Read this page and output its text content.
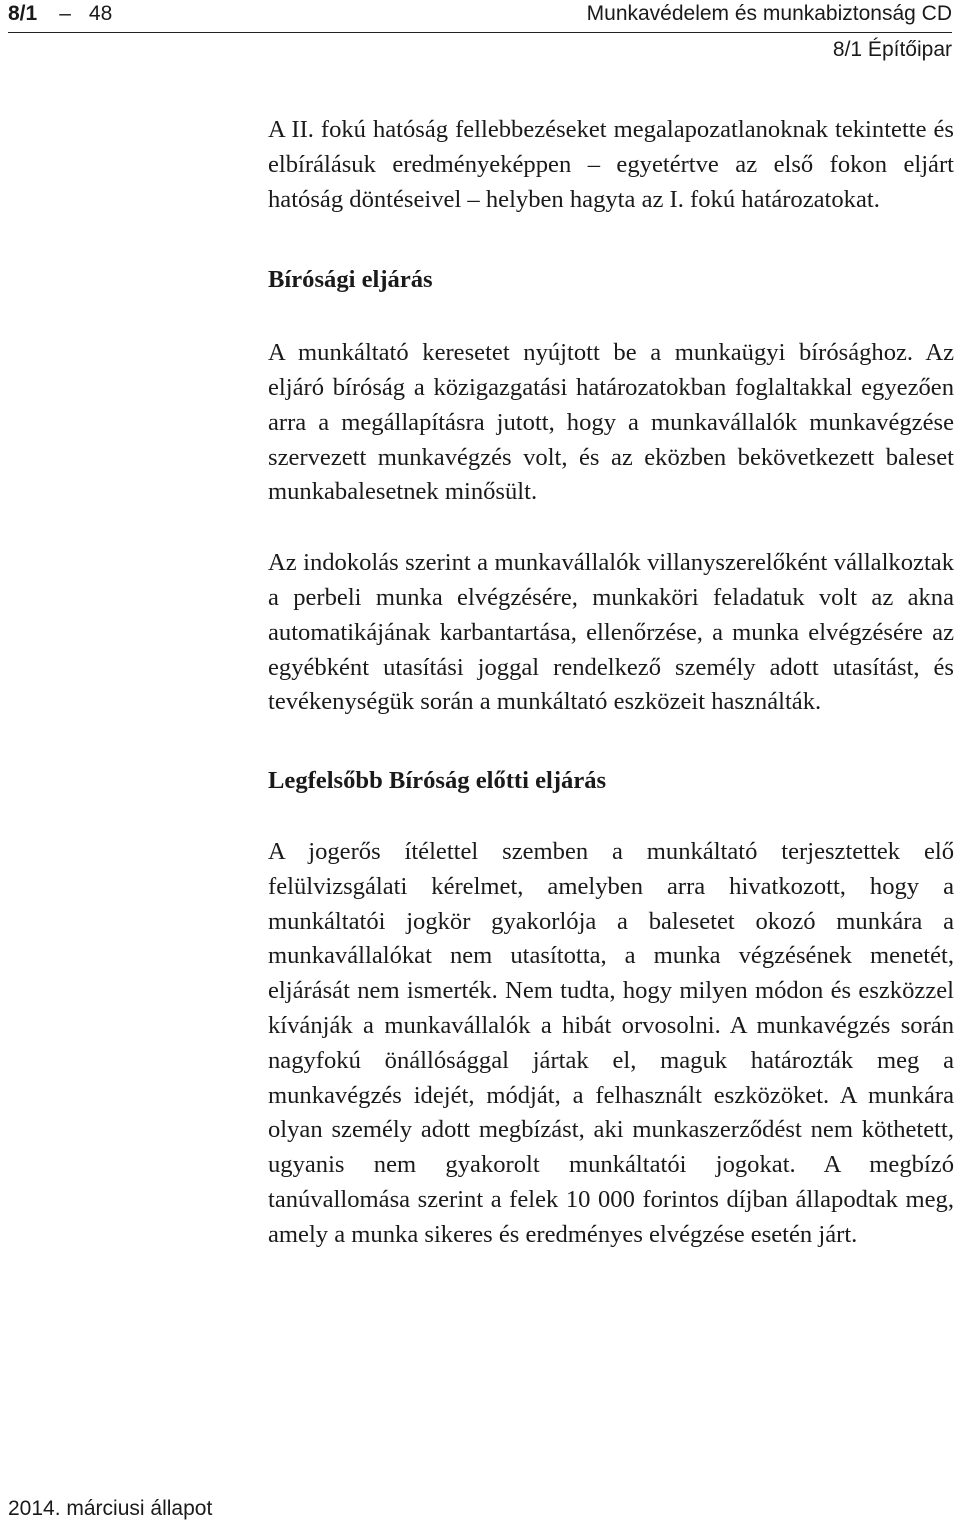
8/1 – 48	Munkavédelem és munkabiztonság CD
8/1 Építőipar

A II. fokú hatóság fellebbezéseket megalapozatlanoknak tekintette és elbírálásuk eredményeképpen – egyetértve az első fokon eljárt hatóság döntéseivel – helyben hagyta az I. fokú határozatokat.

Bírósági eljárás

A munkáltató keresetet nyújtott be a munkaügyi bírósághoz. Az eljáró bíróság a közigazgatási határozatokban foglaltakkal egyezően arra a megállapításra jutott, hogy a munkavállalók munkavégzése szervezett munkavégzés volt, és az eközben bekövetkezett baleset munkabalesetnek minősült.

Az indokolás szerint a munkavállalók villanyszerelőként vállalkoztak a perbeli munka elvégzésére, munkaköri feladatuk volt az akna automatikájának karbantartása, ellenőrzése, a munka elvégzésére az egyébként utasítási joggal rendelkező személy adott utasítást, és tevékenységük során a munkáltató eszközeit használták.

Legfelsőbb Bíróság előtti eljárás

A jogerős ítélettel szemben a munkáltató terjesztettek elő felülvizsgálati kérelmet, amelyben arra hivatkozott, hogy a munkáltatói jogkör gyakorlója a balesetet okozó munkára a munkavállalókat nem utasította, a munka végzésének menetét, eljárását nem ismerték. Nem tudta, hogy milyen módon és eszközzel kívánják a munkavállalók a hibát orvosolni. A munkavégzés során nagyfokú önállósággal jártak el, maguk határozták meg a munkavégzés idejét, módját, a felhasznált eszközöket. A munkára olyan személy adott megbízást, aki munkaszerződést nem köthetett, ugyanis nem gyakorolt munkáltatói jogokat. A megbízó tanúvallomása szerint a felek 10 000 forintos díjban állapodtak meg, amely a munka sikeres és eredményes elvégzése esetén járt.

2014. márciusi állapot
